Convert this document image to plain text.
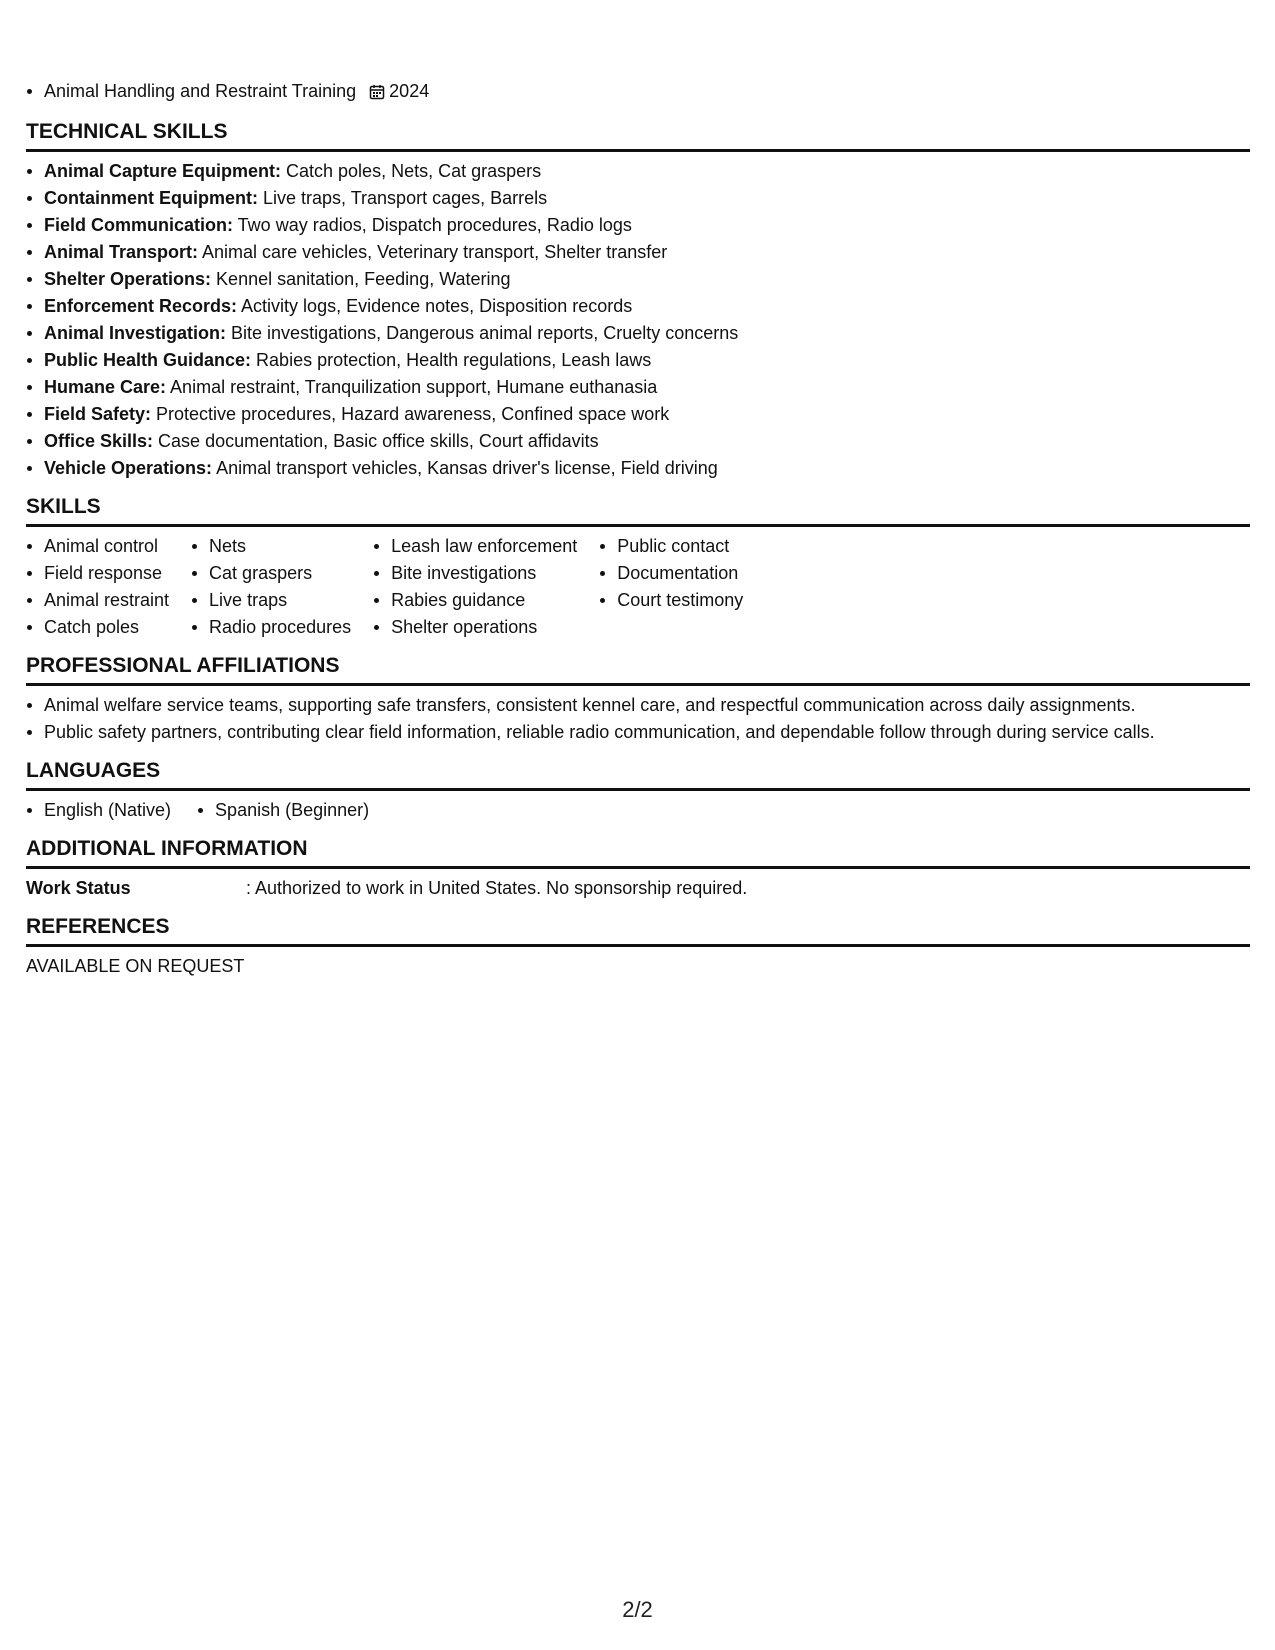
Animal Handling and Restraint Training 2024
TECHNICAL SKILLS
Animal Capture Equipment: Catch poles, Nets, Cat graspers
Containment Equipment: Live traps, Transport cages, Barrels
Field Communication: Two way radios, Dispatch procedures, Radio logs
Animal Transport: Animal care vehicles, Veterinary transport, Shelter transfer
Shelter Operations: Kennel sanitation, Feeding, Watering
Enforcement Records: Activity logs, Evidence notes, Disposition records
Animal Investigation: Bite investigations, Dangerous animal reports, Cruelty concerns
Public Health Guidance: Rabies protection, Health regulations, Leash laws
Humane Care: Animal restraint, Tranquilization support, Humane euthanasia
Field Safety: Protective procedures, Hazard awareness, Confined space work
Office Skills: Case documentation, Basic office skills, Court affidavits
Vehicle Operations: Animal transport vehicles, Kansas driver's license, Field driving
SKILLS
Animal control
Field response
Animal restraint
Catch poles
Nets
Cat graspers
Live traps
Radio procedures
Leash law enforcement
Bite investigations
Rabies guidance
Shelter operations
Public contact
Documentation
Court testimony
PROFESSIONAL AFFILIATIONS
Animal welfare service teams, supporting safe transfers, consistent kennel care, and respectful communication across daily assignments.
Public safety partners, contributing clear field information, reliable radio communication, and dependable follow through during service calls.
LANGUAGES
English (Native)	Spanish (Beginner)
ADDITIONAL INFORMATION
Work Status	: Authorized to work in United States. No sponsorship required.
REFERENCES
AVAILABLE ON REQUEST
2/2
